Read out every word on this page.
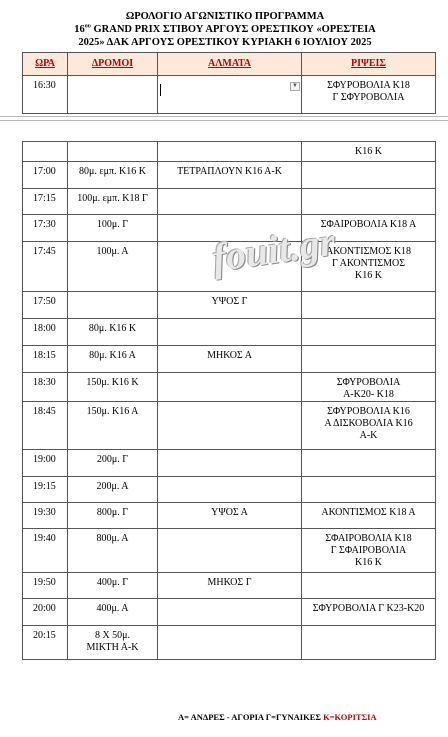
ΩΡΟΛΟΓΙΟ ΑΓΩΝΙΣΤΙΚΟ ΠΡΟΓΡΑΜΜΑ
$16^{o\upsilon}$ GRAND PRIX ΣΤΙΒΟΥ ΑΡΓΟΥΣ ΟΡΕΣΤΙΚΟΥ «ΟΡΕΣΤΕΙΑ
2025» ΔΑΚ ΑΡΓΟΥΣ ΟΡΕΣΤΙΚΟΥ ΚΥΡΙΑΚΗ 6 ΙΟΥΛΙΟΥ 2025
ΩΡΑ	ΔΡΟΜΟΙ	ΑΛΜΑΤΑ	ΡΙΨΕΙΣ
16:30			ΣΦΥΡΟΒΟΛΙΑ Κ18
Γ ΣΦΥΡΟΒΟΛΙΑ
▼
			Κ16 Κ
17:00	80μ. εμπ. Κ16 Κ	ΤΕΤΡΑΠΛΟΥΝ Κ16 Α-Κ	
17:15	100μ. εμπ. Κ18 Γ		
17:30	100μ. Γ		ΣΦΑΙΡΟΒΟΛΙΑ Κ18 Α
17:45	100μ. Α		ΑΚΟΝΤΙΣΜΟΣ Κ18
Γ ΑΚΟΝΤΙΣΜΟΣ
Κ16 Κ
17:50		ΥΨΟΣ Γ	
18:00	80μ. Κ16 Κ		
18:15	80μ. Κ16 Α	ΜΗΚΟΣ Α	
18:30	150μ. Κ16 Κ		ΣΦΥΡΟΒΟΛΙΑ
Α-Κ20- Κ18
18:45	150μ. Κ16 Α		ΣΦΥΡΟΒΟΛΙΑ Κ16
Α ΔΙΣΚΟΒΟΛΙΑ Κ16
Α-Κ
19:00	200μ. Γ		
19:15	200μ. Α		
19:30	800μ. Γ	ΥΨΟΣ Α	ΑΚΟΝΤΙΣΜΟΣ Κ18 Α
19:40	800μ. Α		ΣΦΑΙΡΟΒΟΛΙΑ Κ18
Γ ΣΦΑΙΡΟΒΟΛΙΑ
Κ16 Κ
19:50	400μ. Γ	ΜΗΚΟΣ Γ	
20:00	400μ. Α		ΣΦΥΡΟΒΟΛΙΑ Γ Κ23-Κ20
20:15	8 Χ 50μ.
ΜΙΚΤΗ Α-Κ		
fouit.gr
Α= ΑΝΔΡΕΣ - ΑΓΟΡΙΑ Γ=ΓΥΝΑΙΚΕΣ Κ=ΚΟΡΙΤΣΙΑ
